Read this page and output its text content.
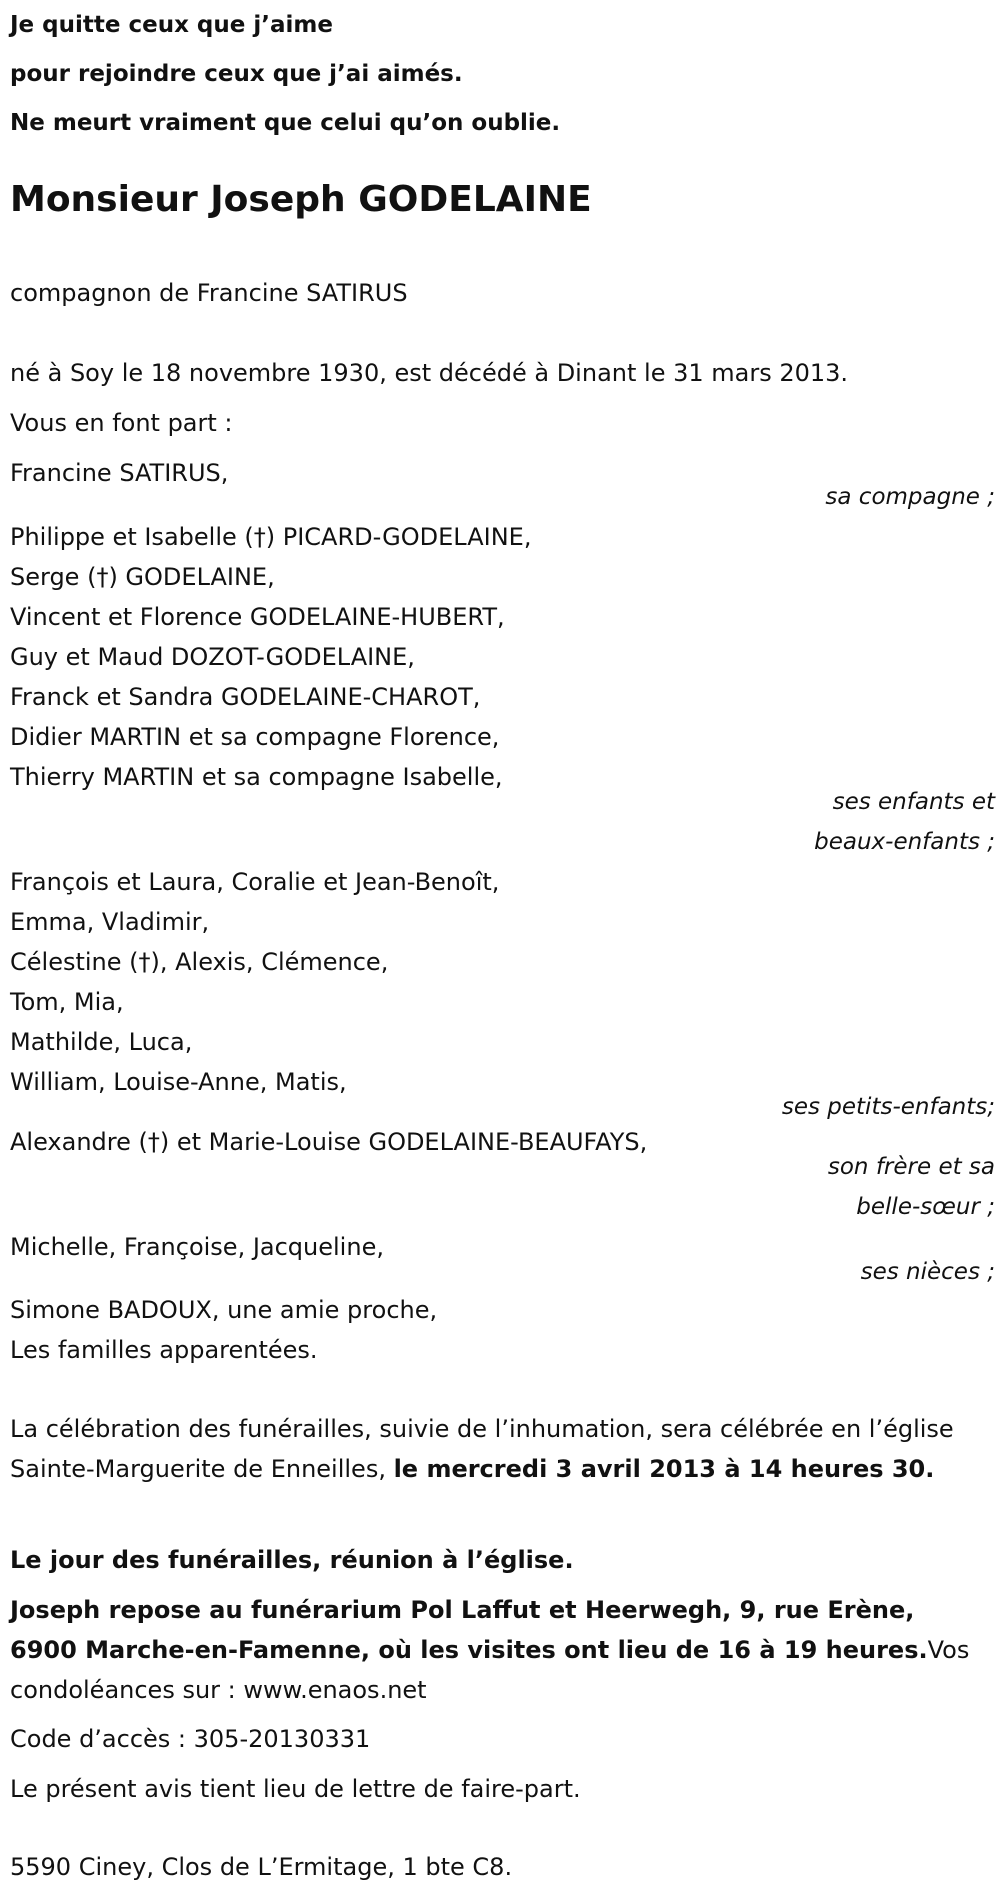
Je quitte ceux que j’aime
pour rejoindre ceux que j’ai aimés.
Ne meurt vraiment que celui qu’on oublie.
Monsieur Joseph GODELAINE
compagnon de Francine SATIRUS
né à Soy le 18 novembre 1930, est décédé à Dinant le 31 mars 2013.
Vous en font part :
Francine SATIRUS,
sa compagne ;
Philippe et Isabelle (†) PICARD-GODELAINE,
Serge (†) GODELAINE,
Vincent et Florence GODELAINE-HUBERT,
Guy et Maud DOZOT-GODELAINE,
Franck et Sandra GODELAINE-CHAROT,
Didier MARTIN et sa compagne Florence,
Thierry MARTIN et sa compagne Isabelle,
ses enfants et
beaux-enfants ;
François et Laura, Coralie et Jean-Benoît,
Emma, Vladimir,
Célestine (†), Alexis, Clémence,
Tom, Mia,
Mathilde, Luca,
William, Louise-Anne, Matis,
ses petits-enfants;
Alexandre (†) et Marie-Louise GODELAINE-BEAUFAYS,
son frère et sa
belle-sœur ;
Michelle, Françoise, Jacqueline,
ses nièces ;
Simone BADOUX, une amie proche,
Les familles apparentées.
La célébration des funérailles, suivie de l’inhumation, sera célébrée en l’église Sainte-Marguerite de Enneilles, le mercredi 3 avril 2013 à 14 heures 30.
Le jour des funérailles, réunion à l’église.
Joseph repose au funérarium Pol Laffut et Heerwegh, 9, rue Erène, 6900 Marche-en-Famenne, où les visites ont lieu de 16 à 19 heures.Vos condoléances sur : www.enaos.net
Code d’accès : 305-20130331
Le présent avis tient lieu de lettre de faire-part.
5590 Ciney, Clos de L’Ermitage, 1 bte C8.
